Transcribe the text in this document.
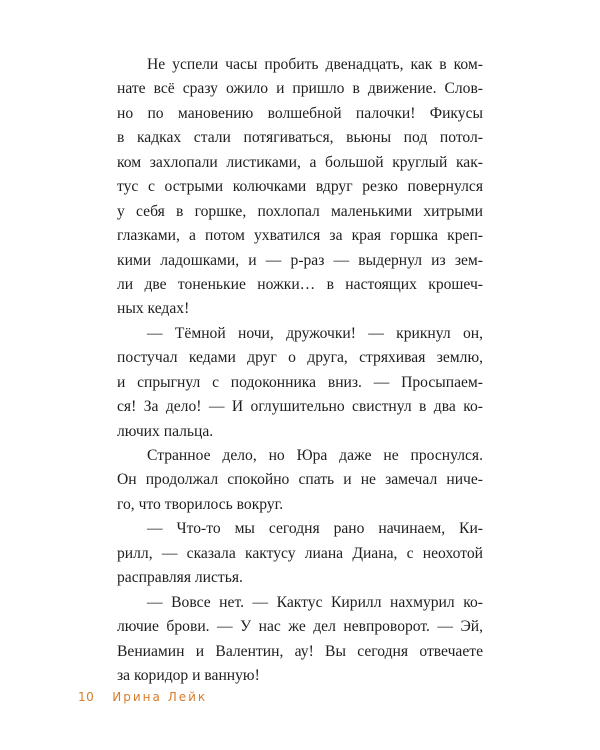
Не успели часы пробить двенадцать, как в ком-
нате всё сразу ожило и пришло в движение. Слов-
но по мановению волшебной палочки! Фикусы
в кадках стали потягиваться, вьюны под потол-
ком захлопали листиками, а большой круглый как-
тус с острыми колючками вдруг резко повернулся
у себя в горшке, похлопал маленькими хитрыми
глазками, а потом ухватился за края горшка креп-
кими ладошками, и — р-раз — выдернул из зем-
ли две тоненькие ножки… в настоящих крошеч-
ных кедах!
— Тёмной ночи, дружочки! — крикнул он,
постучал кедами друг о друга, стряхивая землю,
и спрыгнул с подоконника вниз. — Просыпаем-
ся! За дело! — И оглушительно свистнул в два ко-
лючих пальца.
Странное дело, но Юра даже не проснулся.
Он продолжал спокойно спать и не замечал ниче-
го, что творилось вокруг.
— Что-то мы сегодня рано начинаем, Ки-
рилл, — сказала кактусу лиана Диана, с неохотой
расправляя листья.
— Вовсе нет. — Кактус Кирилл нахмурил ко-
лючие брови. — У нас же дел невпроворот. — Эй,
Вениамин и Валентин, ау! Вы сегодня отвечаете
за коридор и ванную!
10 Ирина Лейк
